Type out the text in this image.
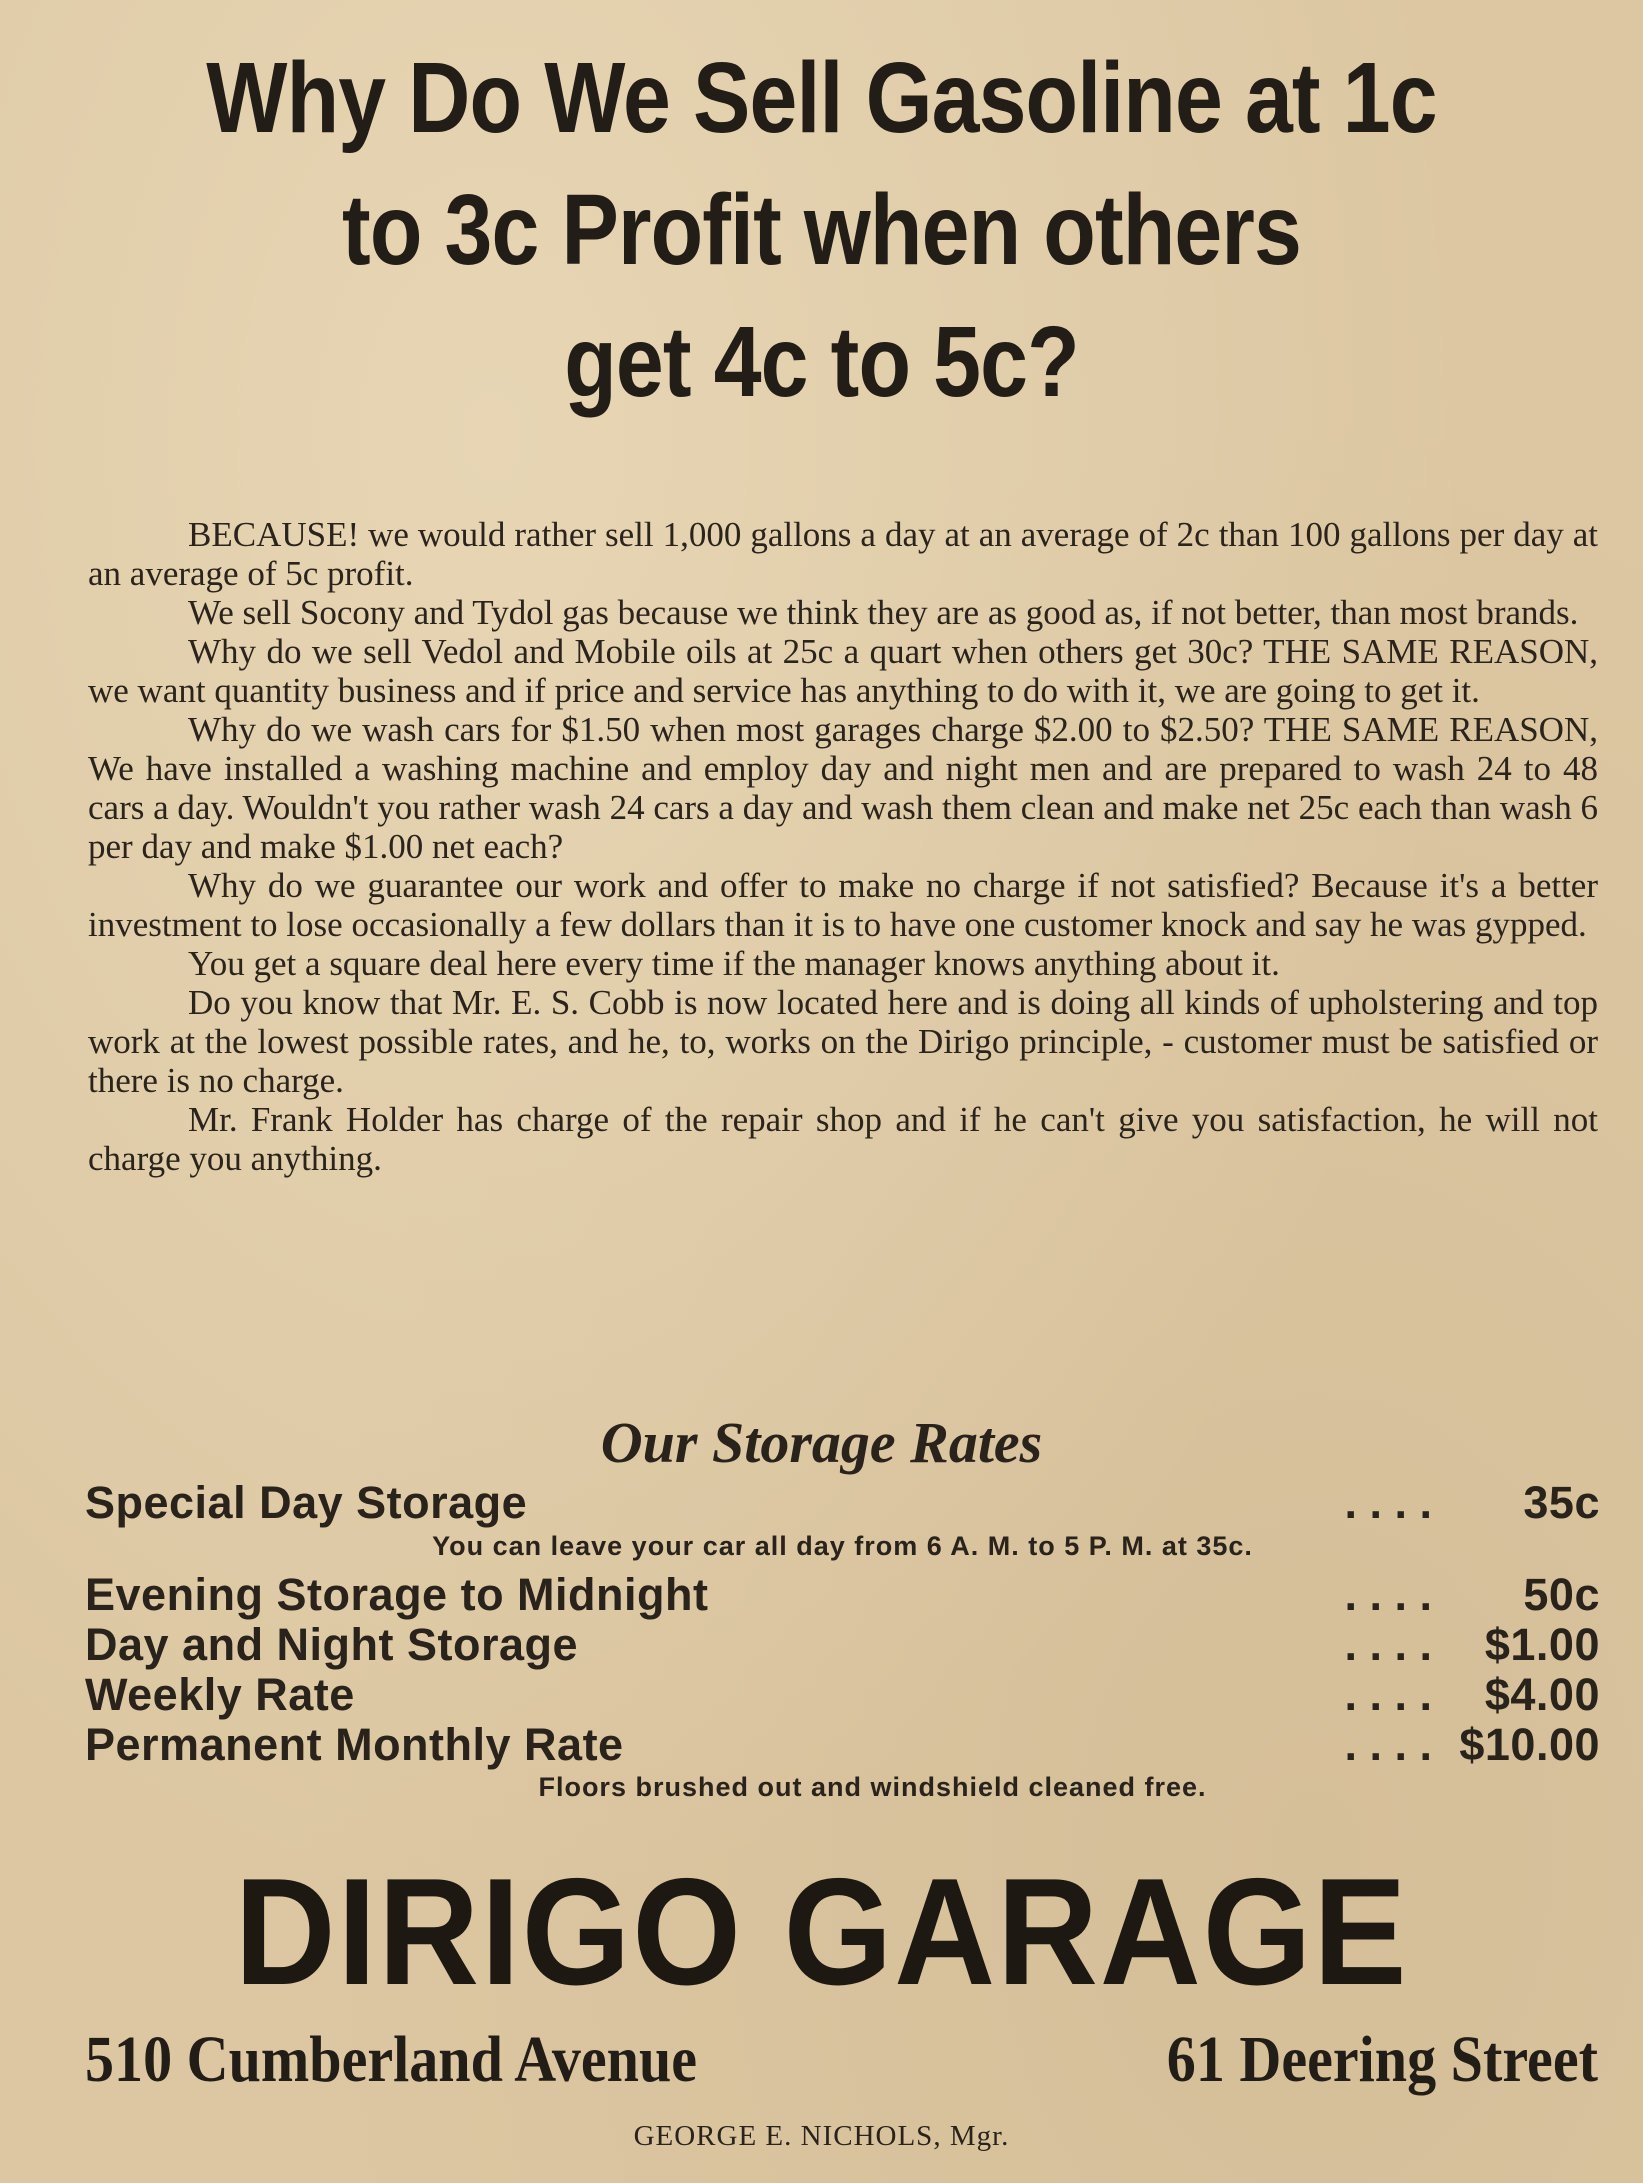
Why Do We Sell Gasoline at 1c
to 3c Profit when others
get 4c to 5c?

BECAUSE! we would rather sell 1,000 gallons a day at an average of 2c than 100 gallons per day at an average of 5c profit.

We sell Socony and Tydol gas because we think they are as good as, if not better, than most brands.

Why do we sell Vedol and Mobile oils at 25c a quart when others get 30c? THE SAME REASON, we want quantity business and if price and service has anything to do with it, we are going to get it.

Why do we wash cars for $1.50 when most garages charge $2.00 to $2.50? THE SAME REASON, We have installed a washing machine and employ day and night men and are prepared to wash 24 to 48 cars a day. Wouldn't you rather wash 24 cars a day and wash them clean and make net 25c each than wash 6 per day and make $1.00 net each?

Why do we guarantee our work and offer to make no charge if not satisfied? Because it's a better investment to lose occasionally a few dollars than it is to have one customer knock and say he was gypped.

You get a square deal here every time if the manager knows anything about it.

Do you know that Mr. E. S. Cobb is now located here and is doing all kinds of upholstering and top work at the lowest possible rates, and he, to, works on the Dirigo principle, - customer must be satisfied or there is no charge.

Mr. Frank Holder has charge of the repair shop and if he can't give you satisfaction, he will not charge you anything.

Our Storage Rates
Special Day Storage	. . . .	35c
You can leave your car all day from 6 A. M. to 5 P. M. at 35c.
Evening Storage to Midnight	. . . .	50c
Day and Night Storage	. . . .	$1.00
Weekly Rate	. . . .	$4.00
Permanent Monthly Rate	. . . . $10.00
Floors brushed out and windshield cleaned free.
DIRIGO GARAGE
510 Cumberland Avenue	61 Deering Street
GEORGE E. NICHOLS, Mgr.
